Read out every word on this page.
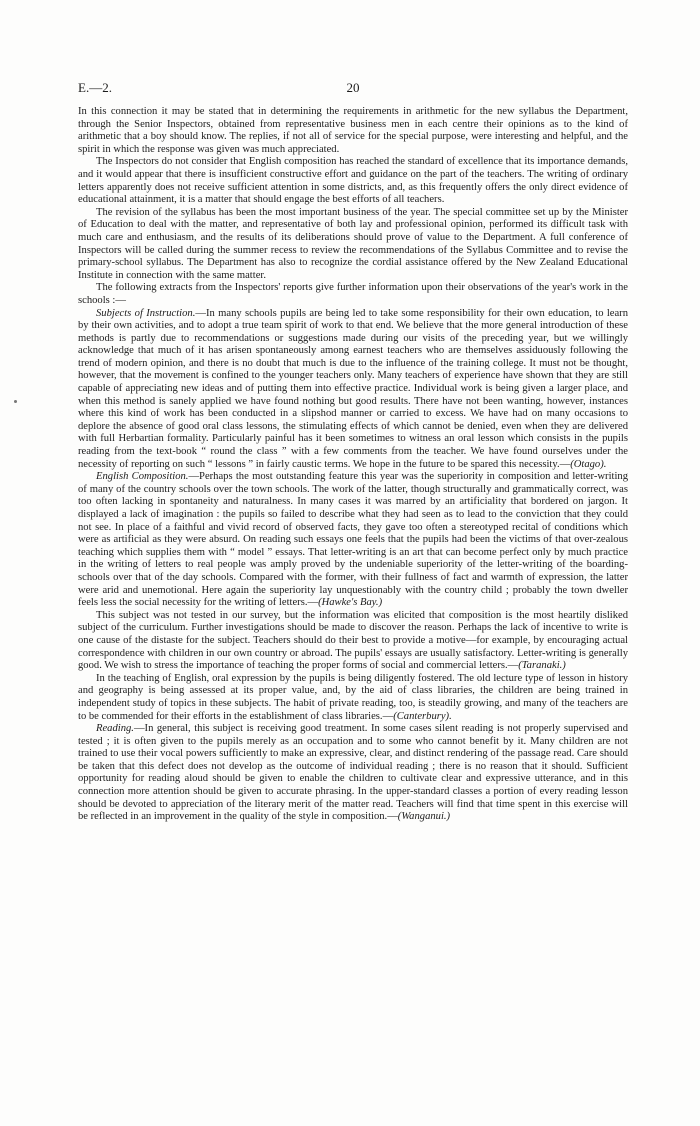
E.—2.	20

In this connection it may be stated that in determining the requirements in arithmetic for the new syllabus the Department, through the Senior Inspectors, obtained from representative business men in each centre their opinions as to the kind of arithmetic that a boy should know. The replies, if not all of service for the special purpose, were interesting and helpful, and the spirit in which the response was given was much appreciated.

The Inspectors do not consider that English composition has reached the standard of excellence that its importance demands, and it would appear that there is insufficient constructive effort and guidance on the part of the teachers. The writing of ordinary letters apparently does not receive sufficient attention in some districts, and, as this frequently offers the only direct evidence of educational attainment, it is a matter that should engage the best efforts of all teachers.

The revision of the syllabus has been the most important business of the year. The special committee set up by the Minister of Education to deal with the matter, and representative of both lay and professional opinion, performed its difficult task with much care and enthusiasm, and the results of its deliberations should prove of value to the Department. A full conference of Inspectors will be called during the summer recess to review the recommendations of the Syllabus Committee and to revise the primary-school syllabus. The Department has also to recognize the cordial assistance offered by the New Zealand Educational Institute in connection with the same matter.

The following extracts from the Inspectors' reports give further information upon their observations of the year's work in the schools :—

Subjects of Instruction.—In many schools pupils are being led to take some responsibility for their own education, to learn by their own activities, and to adopt a true team spirit of work to that end. We believe that the more general introduction of these methods is partly due to recommendations or suggestions made during our visits of the preceding year, but we willingly acknowledge that much of it has arisen spontaneously among earnest teachers who are themselves assiduously following the trend of modern opinion, and there is no doubt that much is due to the influence of the training college. It must not be thought, however, that the movement is confined to the younger teachers only. Many teachers of experience have shown that they are still capable of appreciating new ideas and of putting them into effective practice. Individual work is being given a larger place, and when this method is sanely applied we have found nothing but good results. There have not been wanting, however, instances where this kind of work has been conducted in a slipshod manner or carried to excess. We have had on many occasions to deplore the absence of good oral class lessons, the stimulating effects of which cannot be denied, even when they are delivered with full Herbartian formality. Particularly painful has it been sometimes to witness an oral lesson which consists in the pupils reading from the text-book “ round the class ” with a few comments from the teacher. We have found ourselves under the necessity of reporting on such “ lessons ” in fairly caustic terms. We hope in the future to be spared this necessity.—(Otago).

English Composition.—Perhaps the most outstanding feature this year was the superiority in composition and letter-writing of many of the country schools over the town schools. The work of the latter, though structurally and grammatically correct, was too often lacking in spontaneity and naturalness. In many cases it was marred by an artificiality that bordered on jargon. It displayed a lack of imagination : the pupils so failed to describe what they had seen as to lead to the conviction that they could not see. In place of a faithful and vivid record of observed facts, they gave too often a stereotyped recital of conditions which were as artificial as they were absurd. On reading such essays one feels that the pupils had been the victims of that over-zealous teaching which supplies them with “ model ” essays. That letter-writing is an art that can become perfect only by much practice in the writing of letters to real people was amply proved by the undeniable superiority of the letter-writing of the boarding-schools over that of the day schools. Compared with the former, with their fullness of fact and warmth of expression, the latter were arid and unemotional. Here again the superiority lay unquestionably with the country child ; probably the town dweller feels less the social necessity for the writing of letters.—(Hawke's Bay.)

This subject was not tested in our survey, but the information was elicited that composition is the most heartily disliked subject of the curriculum. Further investigations should be made to discover the reason. Perhaps the lack of incentive to write is one cause of the distaste for the subject. Teachers should do their best to provide a motive—for example, by encouraging actual correspondence with children in our own country or abroad. The pupils' essays are usually satisfactory. Letter-writing is generally good. We wish to stress the importance of teaching the proper forms of social and commercial letters.—(Taranaki.)

In the teaching of English, oral expression by the pupils is being diligently fostered. The old lecture type of lesson in history and geography is being assessed at its proper value, and, by the aid of class libraries, the children are being trained in independent study of topics in these subjects. The habit of private reading, too, is steadily growing, and many of the teachers are to be commended for their efforts in the establishment of class libraries.—(Canterbury).

Reading.—In general, this subject is receiving good treatment. In some cases silent reading is not properly supervised and tested ; it is often given to the pupils merely as an occupation and to some who cannot benefit by it. Many children are not trained to use their vocal powers sufficiently to make an expressive, clear, and distinct rendering of the passage read. Care should be taken that this defect does not develop as the outcome of individual reading ; there is no reason that it should. Sufficient opportunity for reading aloud should be given to enable the children to cultivate clear and expressive utterance, and in this connection more attention should be given to accurate phrasing. In the upper-standard classes a portion of every reading lesson should be devoted to appreciation of the literary merit of the matter read. Teachers will find that time spent in this exercise will be reflected in an improvement in the quality of the style in composition.—(Wanganui.)
